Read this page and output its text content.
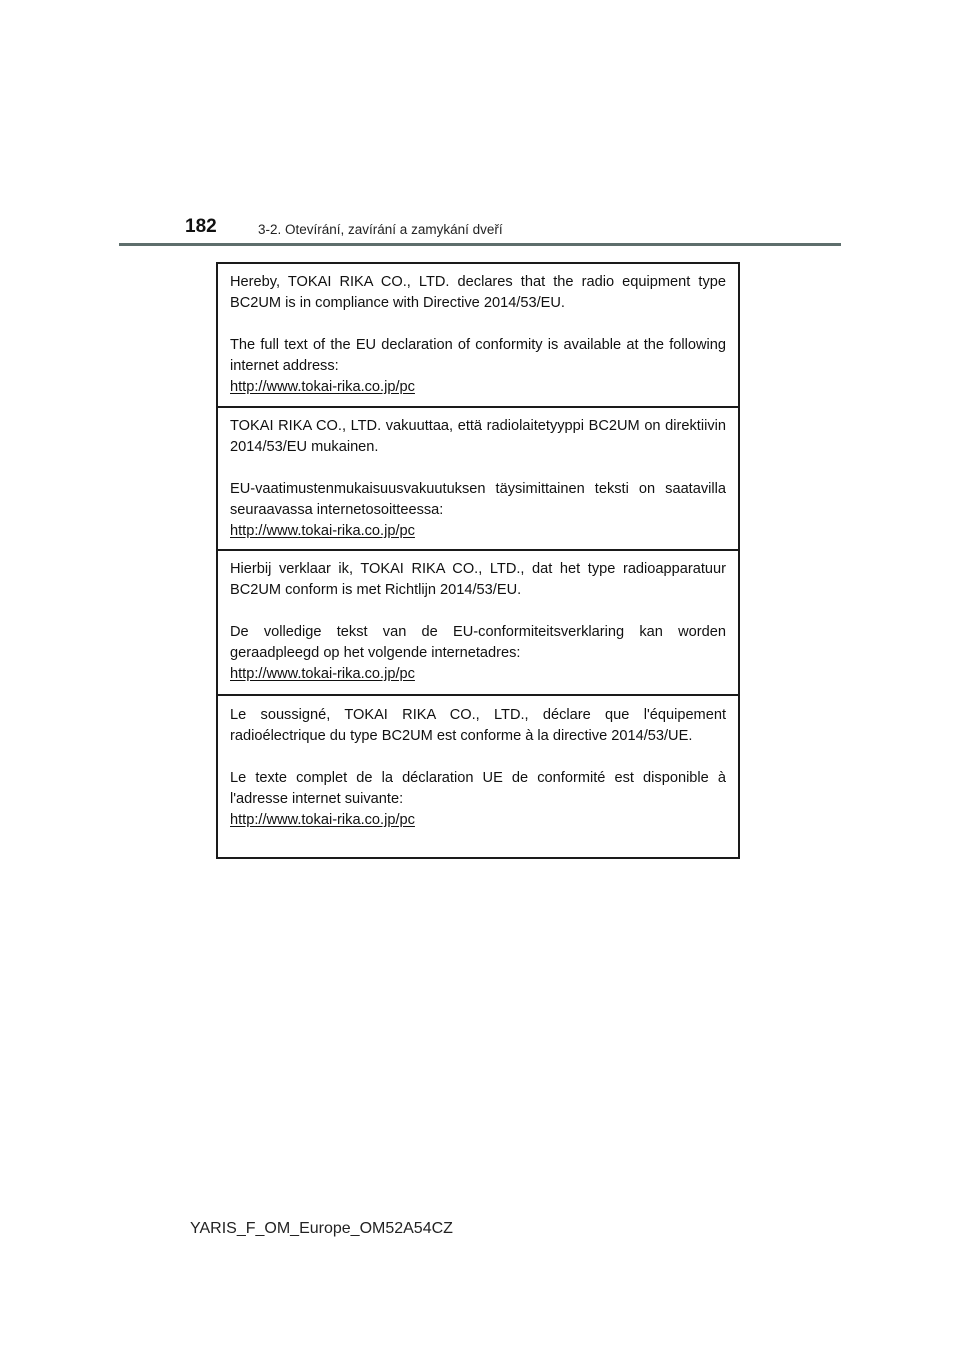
182	3-2. Otevírání, zavírání a zamykání dveří

Hereby, TOKAI RIKA CO., LTD. declares that the radio equipment type BC2UM is in compliance with Directive 2014/53/EU.

The full text of the EU declaration of conformity is available at the following internet address:
http://www.tokai-rika.co.jp/pc

TOKAI RIKA CO., LTD. vakuuttaa, että radiolaitetyyppi BC2UM on direktiivin 2014/53/EU mukainen.

EU-vaatimustenmukaisuusvakuutuksen täysimittainen teksti on saatavilla seuraavassa internetosoitteessa:
http://www.tokai-rika.co.jp/pc

Hierbij verklaar ik, TOKAI RIKA CO., LTD., dat het type radioapparatuur BC2UM conform is met Richtlijn 2014/53/EU.

De volledige tekst van de EU-conformiteitsverklaring kan worden geraadpleegd op het volgende internetadres:
http://www.tokai-rika.co.jp/pc

Le soussigné, TOKAI RIKA CO., LTD., déclare que l'équipement radioélectrique du type BC2UM est conforme à la directive 2014/53/UE.

Le texte complet de la déclaration UE de conformité est disponible à l'adresse internet suivante:
http://www.tokai-rika.co.jp/pc

YARIS_F_OM_Europe_OM52A54CZ
